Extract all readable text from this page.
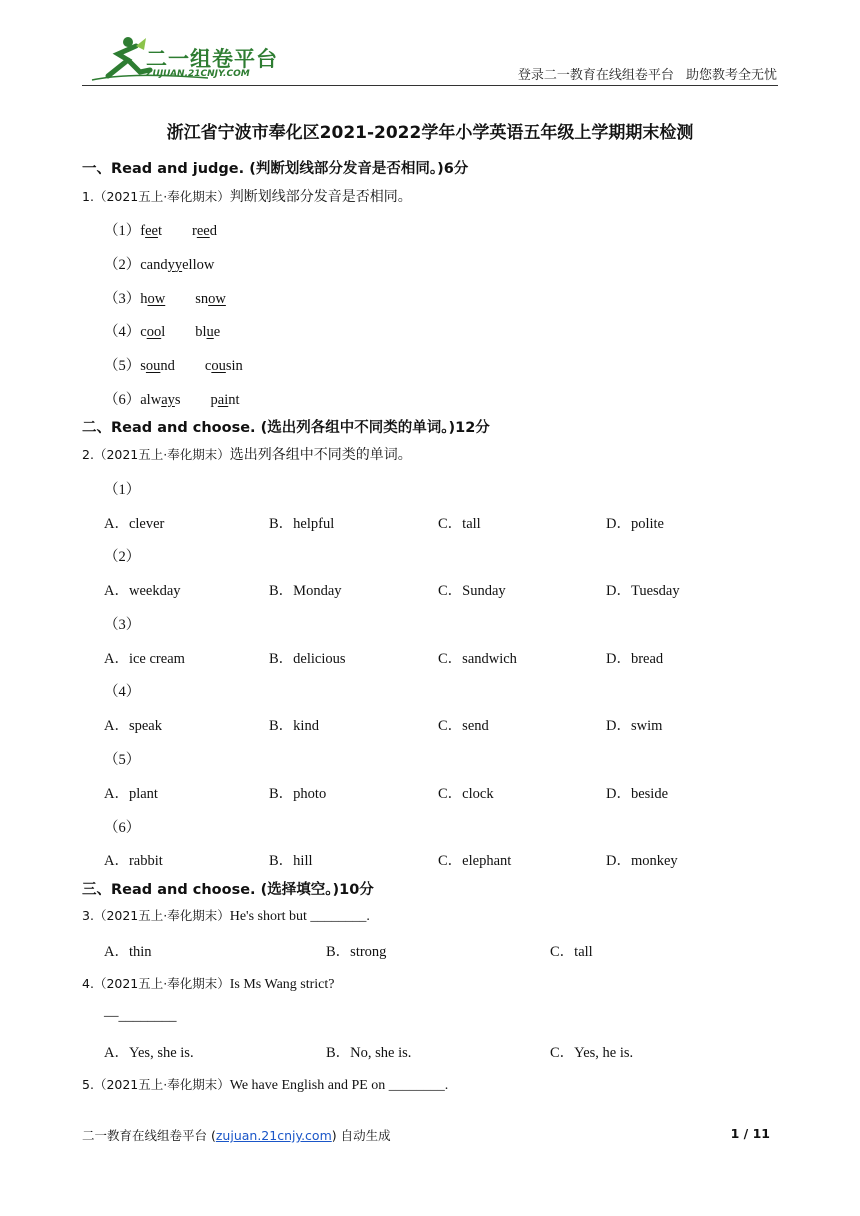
二一组卷平台
ZUJUAN.21CNJY.COM	登录二一教育在线组卷平台 助您教考全无忧
浙江省宁波市奉化区2021-2022学年小学英语五年级上学期期末检测
一、Read and judge. (判断划线部分发音是否相同。)6分
1.（2021五上·奉化期末）判断划线部分发音是否相同。
（1）feet reed
（2）candyyellow
（3）how snow
（4）cool blue
（5）sound cousin
（6）always paint
二、Read and choose. (选出列各组中不同类的单词。)12分
2.（2021五上·奉化期末）选出列各组中不同类的单词。
（1）
A．clever	B．helpful	C．tall	D．polite
（2）
A．weekday	B．Monday	C．Sunday	D．Tuesday
（3）
A．ice cream	B．delicious	C．sandwich	D．bread
（4）
A．speak	B．kind	C．send	D．swim
（5）
A．plant	B．photo	C．clock	D．beside
（6）
A．rabbit	B．hill	C．elephant	D．monkey
三、Read and choose. (选择填空。)10分
3.（2021五上·奉化期末）He's short but ________.
A．thin	B．strong	C．tall
4.（2021五上·奉化期末）Is Ms Wang strict?
—________
A．Yes, she is.	B．No, she is.	C．Yes, he is.
5.（2021五上·奉化期末）We have English and PE on ________.
二一教育在线组卷平台 (zujuan.21cnjy.com) 自动生成	1 / 11
